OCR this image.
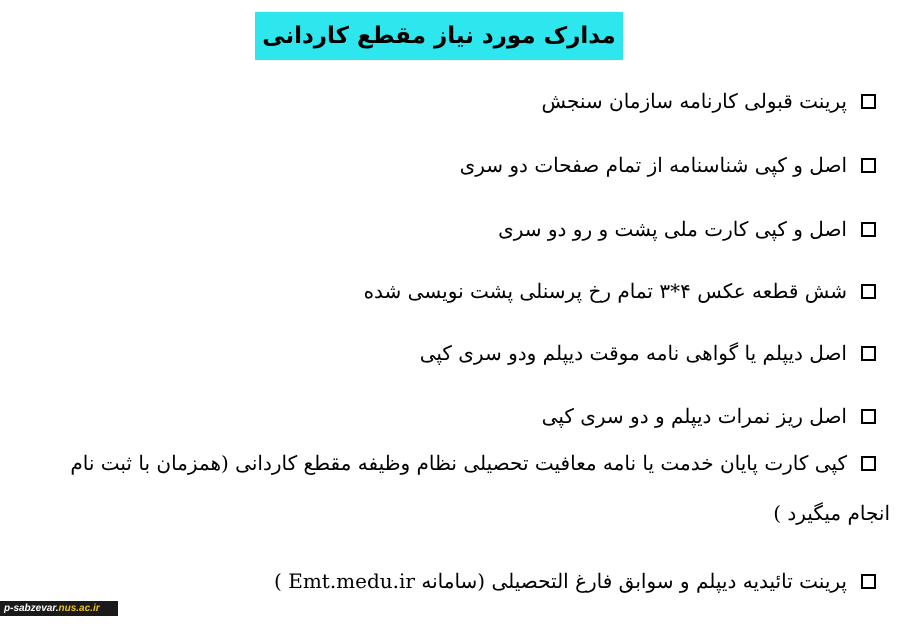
مدارک مورد نیاز مقطع کاردانی
پرینت قبولی کارنامه سازمان سنجش
اصل و کپی شناسنامه از تمام صفحات دو سری
اصل و کپی کارت ملی پشت و رو دو سری
شش قطعه عکس ۴*۳ تمام رخ پرسنلی پشت نویسی شده
اصل دیپلم یا گواهی نامه موقت دیپلم ودو سری کپی
اصل ریز نمرات دیپلم و دو سری کپی
کپی کارت پایان خدمت یا نامه معافیت تحصیلی نظام وظیفه مقطع کاردانی (همزمان با ثبت نام انجام میگیرد )
پرینت تائیدیه دیپلم و سوابق فارغ التحصیلی (سامانه Emt.medu.ir )
p-sabzevar.nus.ac.ir
